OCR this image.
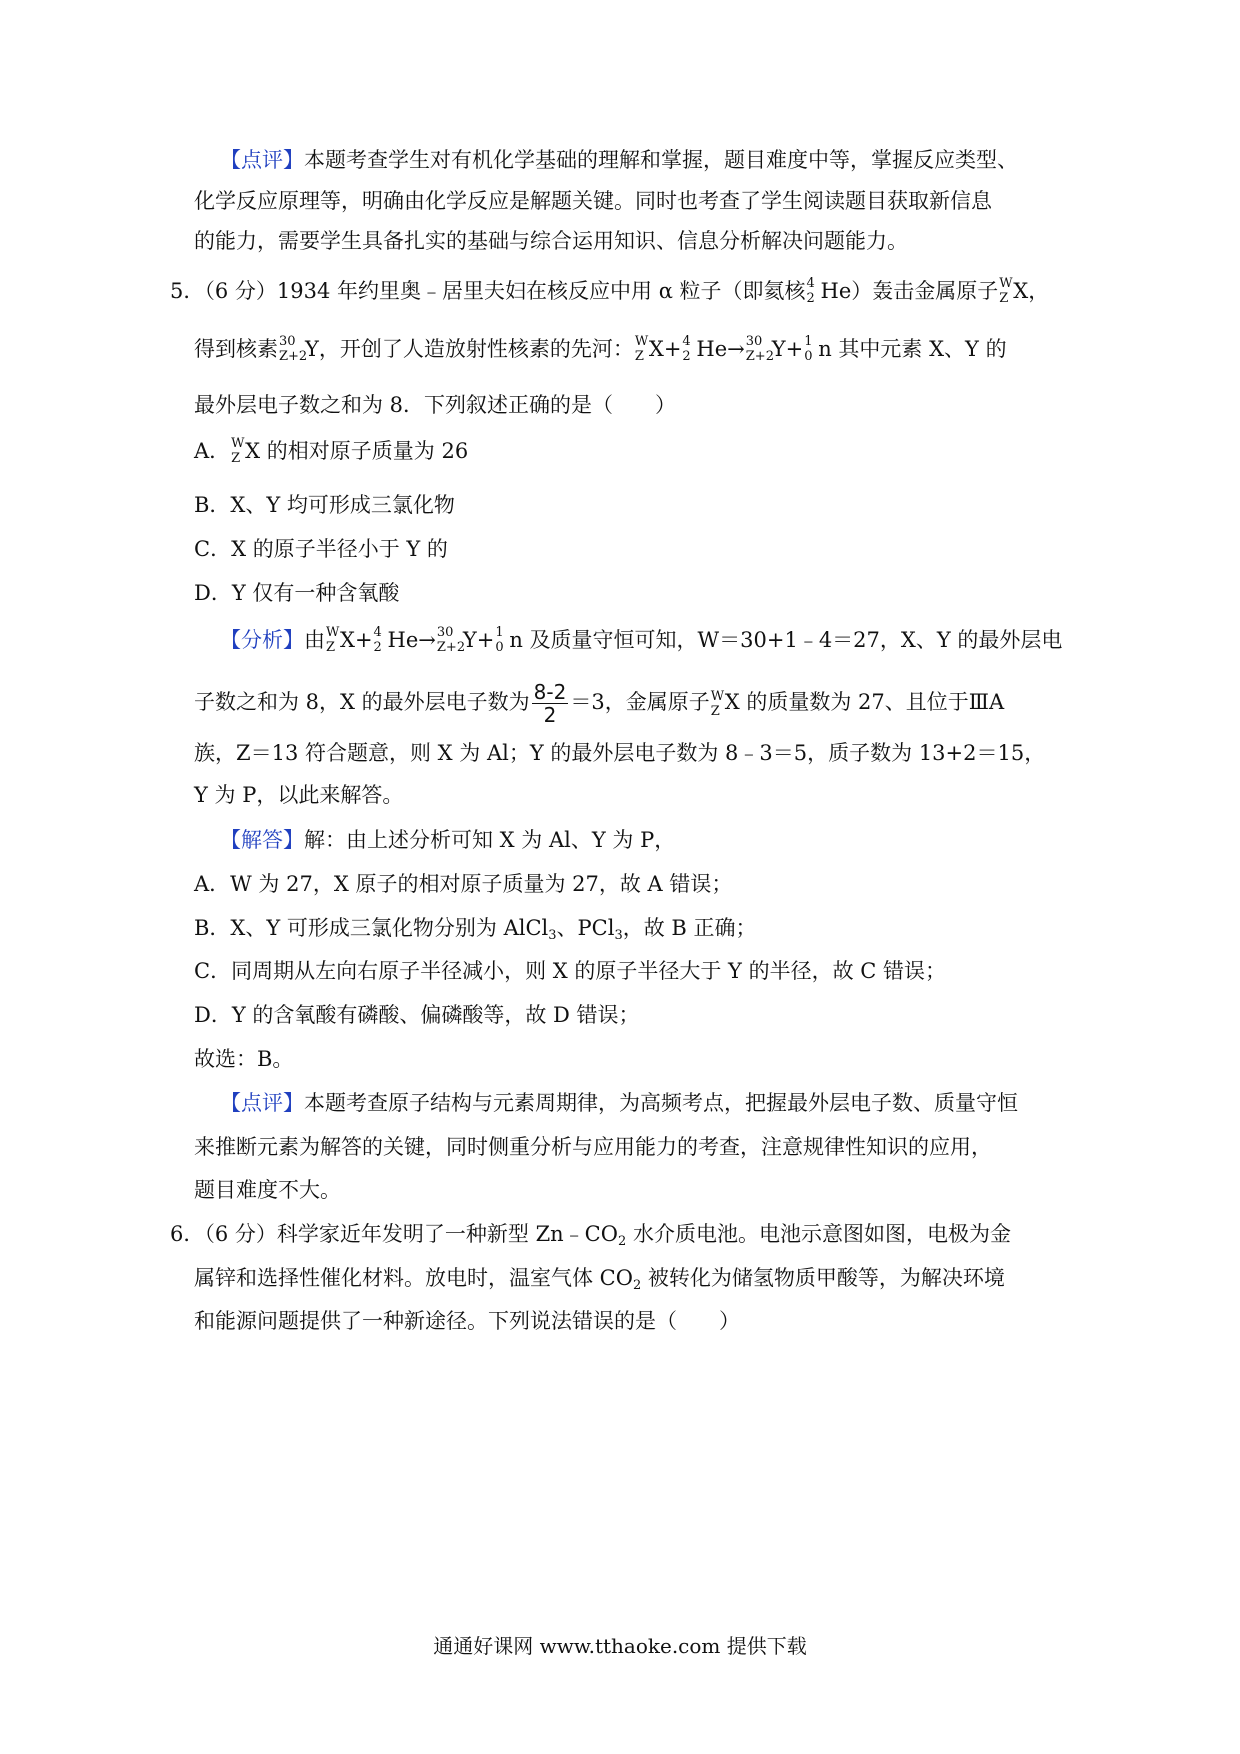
【点评】本题考查学生对有机化学基础的理解和掌握，题目难度中等，掌握反应类型、
化学反应原理等，明确由化学反应是解题关键。同时也考查了学生阅读题目获取新信息
的能力，需要学生具备扎实的基础与综合运用知识、信息分析解决问题能力。
5．（6 分）1934 年约里奥﹣居里夫妇在核反应中用 α 粒子（即氦核 4
2 He）轰击金属原子 W
Z X，
得到核素 30
Z+2
Y，开创了人造放射性核素的先河： W
Z X+ 4
2 He→ 30
Z+2
Y+ 1
0 n 其中元素 X、Y 的
最外层电子数之和为 8．下列叙述正确的是（　　）
A． W
Z X 的相对原子质量为 26
B．X、Y 均可形成三氯化物
C．X 的原子半径小于 Y 的
D．Y 仅有一种含氧酸
【分析】由 W
Z X+ 4
2 He→ 30
Z+2
Y+ 1
0 n 及质量守恒可知，W＝30+1﹣4＝27，X、Y 的最外层电
子数之和为 8，X 的最外层电子数为 $\frac{8-2}{2} =3$，金属原子 W
Z X 的质量数为 27、且位于ⅢA
族，Z＝13 符合题意，则 X 为 Al；Y 的最外层电子数为 8﹣3＝5，质子数为 13+2＝15，
Y 为 P，以此来解答。
【解答】解：由上述分析可知 X 为 Al、Y 为 P，
A．W 为 27，X 原子的相对原子质量为 27，故 A 错误；
B．X、Y 可形成三氯化物分别为 AlCl3、PCl3，故 B 正确；
C．同周期从左向右原子半径减小，则 X 的原子半径大于 Y 的半径，故 C 错误；
D．Y 的含氧酸有磷酸、偏磷酸等，故 D 错误；
故选：B。
【点评】本题考查原子结构与元素周期律，为高频考点，把握最外层电子数、质量守恒
来推断元素为解答的关键，同时侧重分析与应用能力的考查，注意规律性知识的应用，
题目难度不大。
6．（6 分）科学家近年发明了一种新型 Zn﹣CO2 水介质电池。电池示意图如图，电极为金
属锌和选择性催化材料。放电时，温室气体 CO2 被转化为储氢物质甲酸等，为解决环境
和能源问题提供了一种新途径。下列说法错误的是（　　）
通通好课网 www.tthaoke.com 提供下载
